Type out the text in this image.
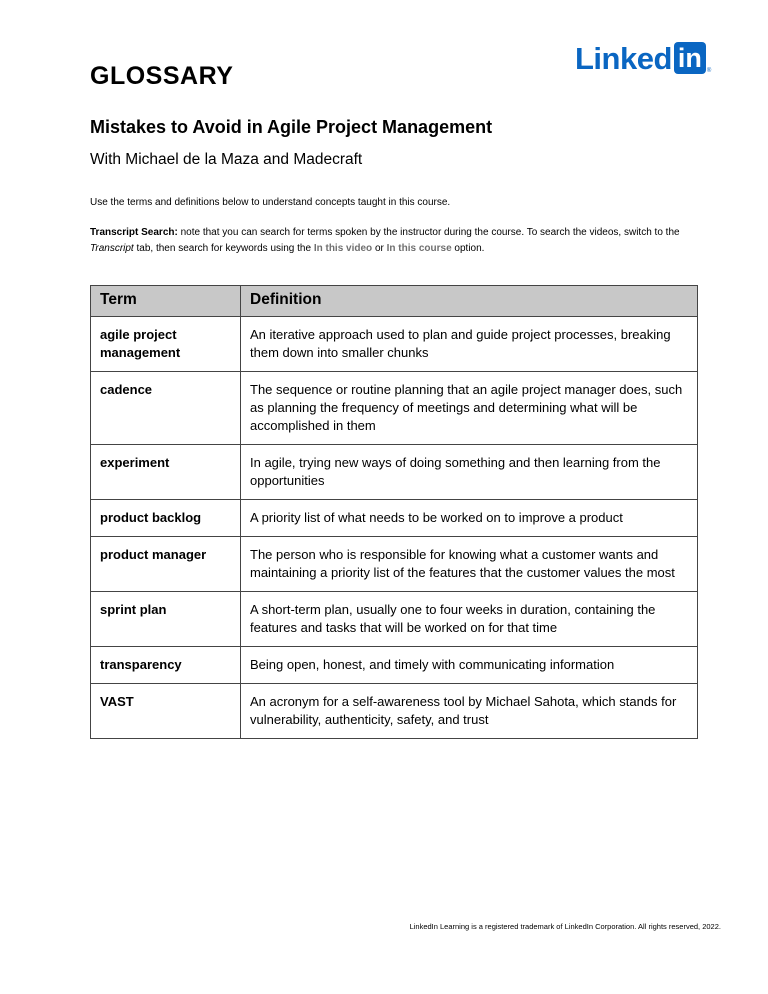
Linked in ®
GLOSSARY
Mistakes to Avoid in Agile Project Management

With Michael de la Maza and Madecraft

Use the terms and definitions below to understand concepts taught in this course.

Transcript Search: note that you can search for terms spoken by the instructor during the course. To search the videos, switch to the Transcript tab, then search for keywords using the In this video or In this course option.

Term	Definition
agile project management	An iterative approach used to plan and guide project processes, breaking them down into smaller chunks
cadence	The sequence or routine planning that an agile project manager does, such as planning the frequency of meetings and determining what will be accomplished in them
experiment	In agile, trying new ways of doing something and then learning from the opportunities
product backlog	A priority list of what needs to be worked on to improve a product
product manager	The person who is responsible for knowing what a customer wants and maintaining a priority list of the features that the customer values the most
sprint plan	A short-term plan, usually one to four weeks in duration, containing the features and tasks that will be worked on for that time
transparency	Being open, honest, and timely with communicating information
VAST	An acronym for a self-awareness tool by Michael Sahota, which stands for vulnerability, authenticity, safety, and trust

LinkedIn Learning is a registered trademark of LinkedIn Corporation. All rights reserved, 2022.
